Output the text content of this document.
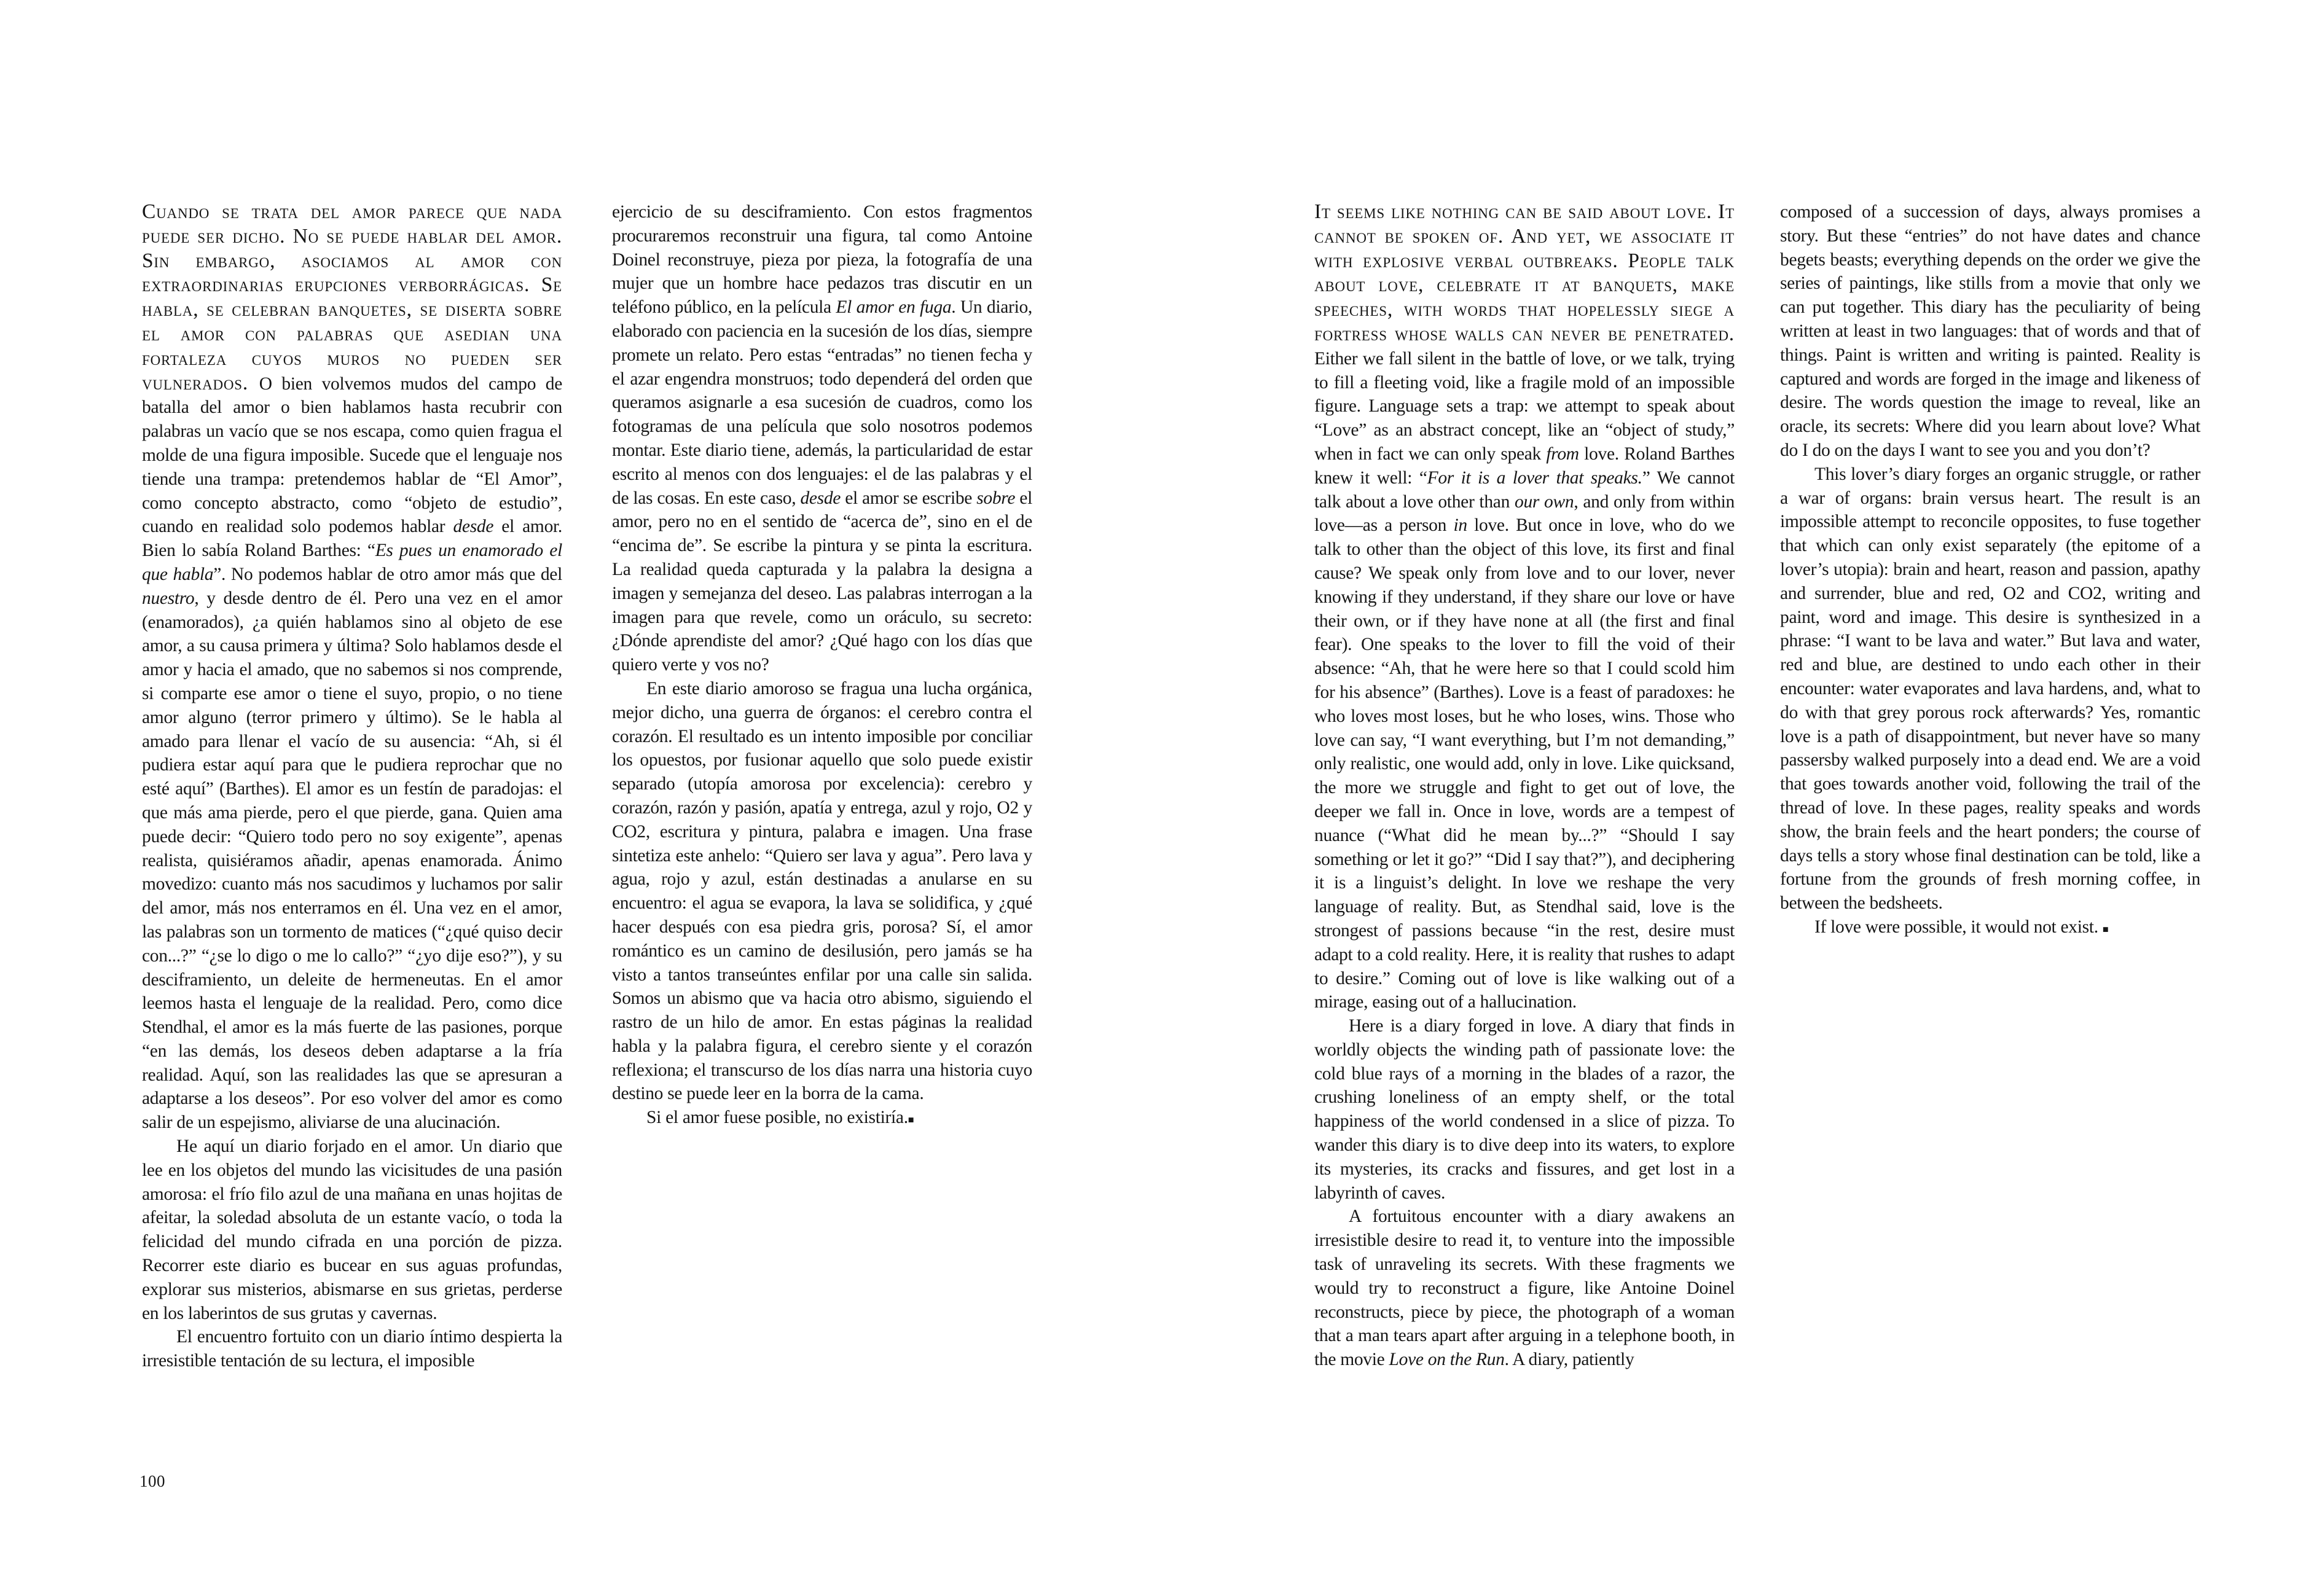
Cuando se trata del amor parece que nada puede ser dicho. No se puede hablar del amor. Sin embargo, asociamos al amor con extraordinarias erupciones verborrágicas. Se habla, se celebran banquetes, se diserta sobre el amor con palabras que asedian una fortaleza cuyos muros no pueden ser vulnerados. O bien volvemos mudos del campo de batalla del amor o bien hablamos hasta recubrir con palabras un vacío que se nos escapa, como quien fragua el molde de una figura imposible. Sucede que el lenguaje nos tiende una trampa: pretendemos hablar de “El Amor”, como concepto abstracto, como “objeto de estudio”, cuando en realidad solo podemos hablar desde el amor. Bien lo sabía Roland Barthes: “Es pues un enamorado el que habla”. No podemos hablar de otro amor más que del nuestro, y desde dentro de él. Pero una vez en el amor (enamorados), ¿a quién hablamos sino al objeto de ese amor, a su causa primera y última? Solo hablamos desde el amor y hacia el amado, que no sabemos si nos comprende, si comparte ese amor o tiene el suyo, propio, o no tiene amor alguno (terror primero y último). Se le habla al amado para llenar el vacío de su ausencia: “Ah, si él pudiera estar aquí para que le pudiera reprochar que no esté aquí” (Barthes). El amor es un festín de paradojas: el que más ama pierde, pero el que pierde, gana. Quien ama puede decir: “Quiero todo pero no soy exigente”, apenas realista, quisiéramos añadir, apenas enamorada. Ánimo movedizo: cuanto más nos sacudimos y luchamos por salir del amor, más nos enterramos en él. Una vez en el amor, las palabras son un tormento de matices (“¿qué quiso decir con...?” “¿se lo digo o me lo callo?” “¿yo dije eso?”), y su desciframiento, un deleite de hermeneutas. En el amor leemos hasta el lenguaje de la realidad. Pero, como dice Stendhal, el amor es la más fuerte de las pasiones, porque “en las demás, los deseos deben adaptarse a la fría realidad. Aquí, son las realidades las que se apresuran a adaptarse a los deseos”. Por eso volver del amor es como salir de un espejismo, aliviarse de una alucinación.

He aquí un diario forjado en el amor. Un diario que lee en los objetos del mundo las vicisitudes de una pasión amorosa: el frío filo azul de una mañana en unas hojitas de afeitar, la soledad absoluta de un estante vacío, o toda la felicidad del mundo cifrada en una porción de pizza. Recorrer este diario es bucear en sus aguas profundas, explorar sus misterios, abismarse en sus grietas, perderse en los laberintos de sus grutas y cavernas.

El encuentro fortuito con un diario íntimo despierta la irresistible tentación de su lectura, el imposible

ejercicio de su desciframiento. Con estos fragmentos procuraremos reconstruir una figura, tal como Antoine Doinel reconstruye, pieza por pieza, la fotografía de una mujer que un hombre hace pedazos tras discutir en un teléfono público, en la película El amor en fuga. Un diario, elaborado con paciencia en la sucesión de los días, siempre promete un relato. Pero estas “entradas” no tienen fecha y el azar engendra monstruos; todo dependerá del orden que queramos asignarle a esa sucesión de cuadros, como los fotogramas de una película que solo nosotros podemos montar. Este diario tiene, además, la particularidad de estar escrito al menos con dos lenguajes: el de las palabras y el de las cosas. En este caso, desde el amor se escribe sobre el amor, pero no en el sentido de “acerca de”, sino en el de “encima de”. Se escribe la pintura y se pinta la escritura. La realidad queda capturada y la palabra la designa a imagen y semejanza del deseo. Las palabras interrogan a la imagen para que revele, como un oráculo, su secreto: ¿Dónde aprendiste del amor? ¿Qué hago con los días que quiero verte y vos no?

En este diario amoroso se fragua una lucha orgánica, mejor dicho, una guerra de órganos: el cerebro contra el corazón. El resultado es un intento imposible por conciliar los opuestos, por fusionar aquello que solo puede existir separado (utopía amorosa por excelencia): cerebro y corazón, razón y pasión, apatía y entrega, azul y rojo, O2 y CO2, escritura y pintura, palabra e imagen. Una frase sintetiza este anhelo: “Quiero ser lava y agua”. Pero lava y agua, rojo y azul, están destinadas a anularse en su encuentro: el agua se evapora, la lava se solidifica, y ¿qué hacer después con esa piedra gris, porosa? Sí, el amor romántico es un camino de desilusión, pero jamás se ha visto a tantos transeúntes enfilar por una calle sin salida. Somos un abismo que va hacia otro abismo, siguiendo el rastro de un hilo de amor. En estas páginas la realidad habla y la palabra figura, el cerebro siente y el corazón reflexiona; el transcurso de los días narra una historia cuyo destino se puede leer en la borra de la cama.

Si el amor fuese posible, no existiría.■

100

It seems like nothing can be said about love. It cannot be spoken of. And yet, we associate it with explosive verbal outbreaks. People talk about love, celebrate it at banquets, make speeches, with words that hopelessly siege a fortress whose walls can never be penetrated. Either we fall silent in the battle of love, or we talk, trying to fill a fleeting void, like a fragile mold of an impossible figure. Language sets a trap: we attempt to speak about “Love” as an abstract concept, like an “object of study,” when in fact we can only speak from love. Roland Barthes knew it well: “For it is a lover that speaks.” We cannot talk about a love other than our own, and only from within love—as a person in love. But once in love, who do we talk to other than the object of this love, its first and final cause? We speak only from love and to our lover, never knowing if they understand, if they share our love or have their own, or if they have none at all (the first and final fear). One speaks to the lover to fill the void of their absence: “Ah, that he were here so that I could scold him for his absence” (Barthes). Love is a feast of paradoxes: he who loves most loses, but he who loses, wins. Those who love can say, “I want everything, but I’m not demanding,” only realistic, one would add, only in love. Like quicksand, the more we struggle and fight to get out of love, the deeper we fall in. Once in love, words are a tempest of nuance (“What did he mean by...?” “Should I say something or let it go?” “Did I say that?”), and deciphering it is a linguist’s delight. In love we reshape the very language of reality. But, as Stendhal said, love is the strongest of passions because “in the rest, desire must adapt to a cold reality. Here, it is reality that rushes to adapt to desire.” Coming out of love is like walking out of a mirage, easing out of a hallucination.

Here is a diary forged in love. A diary that finds in worldly objects the winding path of passionate love: the cold blue rays of a morning in the blades of a razor, the crushing loneliness of an empty shelf, or the total happiness of the world condensed in a slice of pizza. To wander this diary is to dive deep into its waters, to explore its mysteries, its cracks and fissures, and get lost in a labyrinth of caves.

A fortuitous encounter with a diary awakens an irresistible desire to read it, to venture into the impossible task of unraveling its secrets. With these fragments we would try to reconstruct a figure, like Antoine Doinel reconstructs, piece by piece, the photograph of a woman that a man tears apart after arguing in a telephone booth, in the movie Love on the Run. A diary, patiently

composed of a succession of days, always promises a story. But these “entries” do not have dates and chance begets beasts; everything depends on the order we give the series of paintings, like stills from a movie that only we can put together. This diary has the peculiarity of being written at least in two languages: that of words and that of things. Paint is written and writing is painted. Reality is captured and words are forged in the image and likeness of desire. The words question the image to reveal, like an oracle, its secrets: Where did you learn about love? What do I do on the days I want to see you and you don’t?

This lover’s diary forges an organic struggle, or rather a war of organs: brain versus heart. The result is an impossible attempt to reconcile opposites, to fuse together that which can only exist separately (the epitome of a lover’s utopia): brain and heart, reason and passion, apathy and surrender, blue and red, O2 and CO2, writing and paint, word and image. This desire is synthesized in a phrase: “I want to be lava and water.” But lava and water, red and blue, are destined to undo each other in their encounter: water evaporates and lava hardens, and, what to do with that grey porous rock afterwards? Yes, romantic love is a path of disappointment, but never have so many passersby walked purposely into a dead end. We are a void that goes towards another void, following the trail of the thread of love. In these pages, reality speaks and words show, the brain feels and the heart ponders; the course of days tells a story whose final destination can be told, like a fortune from the grounds of fresh morning coffee, in between the bedsheets.

If love were possible, it would not exist. ■
